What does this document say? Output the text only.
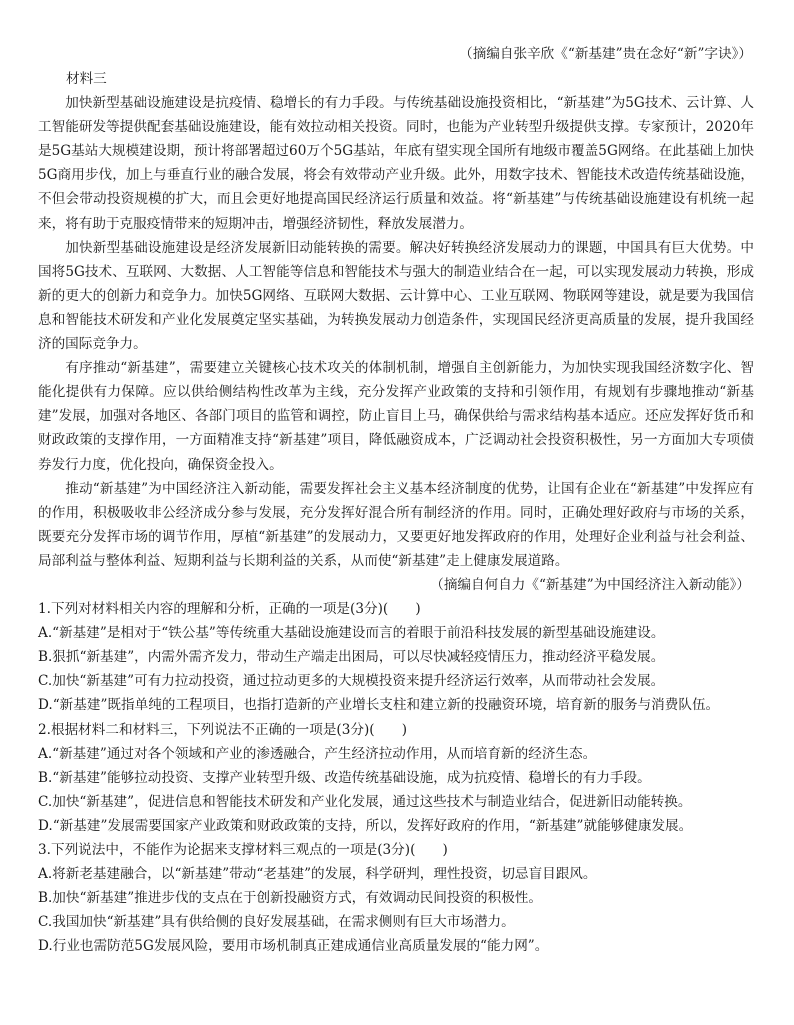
（摘编自张辛欣《“新基建”贵在念好“新”字诀》）

材料三

加快新型基础设施建设是抗疫情、稳增长的有力手段。与传统基础设施投资相比，“新基建”为5G技术、云计算、人工智能研发等提供配套基础设施建设，能有效拉动相关投资。同时，也能为产业转型升级提供支撑。专家预计，2020年是5G基站大规模建设期，预计将部署超过60万个5G基站，年底有望实现全国所有地级市覆盖5G网络。在此基础上加快5G商用步伐，加上与垂直行业的融合发展，将会有效带动产业升级。此外，用数字技术、智能技术改造传统基础设施，不但会带动投资规模的扩大，而且会更好地提高国民经济运行质量和效益。将“新基建”与传统基础设施建设有机统一起来，将有助于克服疫情带来的短期冲击，增强经济韧性，释放发展潜力。

加快新型基础设施建设是经济发展新旧动能转换的需要。解决好转换经济发展动力的课题，中国具有巨大优势。中国将5G技术、互联网、大数据、人工智能等信息和智能技术与强大的制造业结合在一起，可以实现发展动力转换，形成新的更大的创新力和竞争力。加快5G网络、互联网大数据、云计算中心、工业互联网、物联网等建设，就是要为我国信息和智能技术研发和产业化发展奠定坚实基础，为转换发展动力创造条件，实现国民经济更高质量的发展，提升我国经济的国际竞争力。

有序推动“新基建”，需要建立关键核心技术攻关的体制机制，增强自主创新能力，为加快实现我国经济数字化、智能化提供有力保障。应以供给侧结构性改革为主线，充分发挥产业政策的支持和引领作用，有规划有步骤地推动“新基建”发展，加强对各地区、各部门项目的监管和调控，防止盲目上马，确保供给与需求结构基本适应。还应发挥好货币和财政政策的支撑作用，一方面精准支持“新基建”项目，降低融资成本，广泛调动社会投资积极性，另一方面加大专项债券发行力度，优化投向，确保资金投入。

推动“新基建”为中国经济注入新动能，需要发挥社会主义基本经济制度的优势，让国有企业在“新基建”中发挥应有的作用，积极吸收非公经济成分参与发展，充分发挥好混合所有制经济的作用。同时，正确处理好政府与市场的关系，既要充分发挥市场的调节作用，厚植“新基建”的发展动力，又要更好地发挥政府的作用，处理好企业利益与社会利益、局部利益与整体利益、短期利益与长期利益的关系，从而使“新基建”走上健康发展道路。

（摘编自何自力《“新基建”为中国经济注入新动能》）

1.下列对材料相关内容的理解和分析，正确的一项是(3分)(　　)

A.“新基建”是相对于“铁公基”等传统重大基础设施建设而言的着眼于前沿科技发展的新型基础设施建设。

B.狠抓“新基建”，内需外需齐发力，带动生产端走出困局，可以尽快减轻疫情压力，推动经济平稳发展。

C.加快“新基建”可有力拉动投资，通过拉动更多的大规模投资来提升经济运行效率，从而带动社会发展。

D.“新基建”既指单纯的工程项目，也指打造新的产业增长支柱和建立新的投融资环境，培育新的服务与消费队伍。

2.根据材料二和材料三，下列说法不正确的一项是(3分)(　　)

A.“新基建”通过对各个领域和产业的渗透融合，产生经济拉动作用，从而培育新的经济生态。

B.“新基建”能够拉动投资、支撑产业转型升级、改造传统基础设施，成为抗疫情、稳增长的有力手段。

C.加快“新基建”，促进信息和智能技术研发和产业化发展，通过这些技术与制造业结合，促进新旧动能转换。

D.“新基建”发展需要国家产业政策和财政政策的支持，所以，发挥好政府的作用，“新基建”就能够健康发展。

3.下列说法中，不能作为论据来支撑材料三观点的一项是(3分)(　　)

A.将新老基建融合，以“新基建”带动“老基建”的发展，科学研判，理性投资，切忌盲目跟风。

B.加快“新基建”推进步伐的支点在于创新投融资方式，有效调动民间投资的积极性。

C.我国加快“新基建”具有供给侧的良好发展基础，在需求侧则有巨大市场潜力。

D.行业也需防范5G发展风险，要用市场机制真正建成通信业高质量发展的“能力网”。
